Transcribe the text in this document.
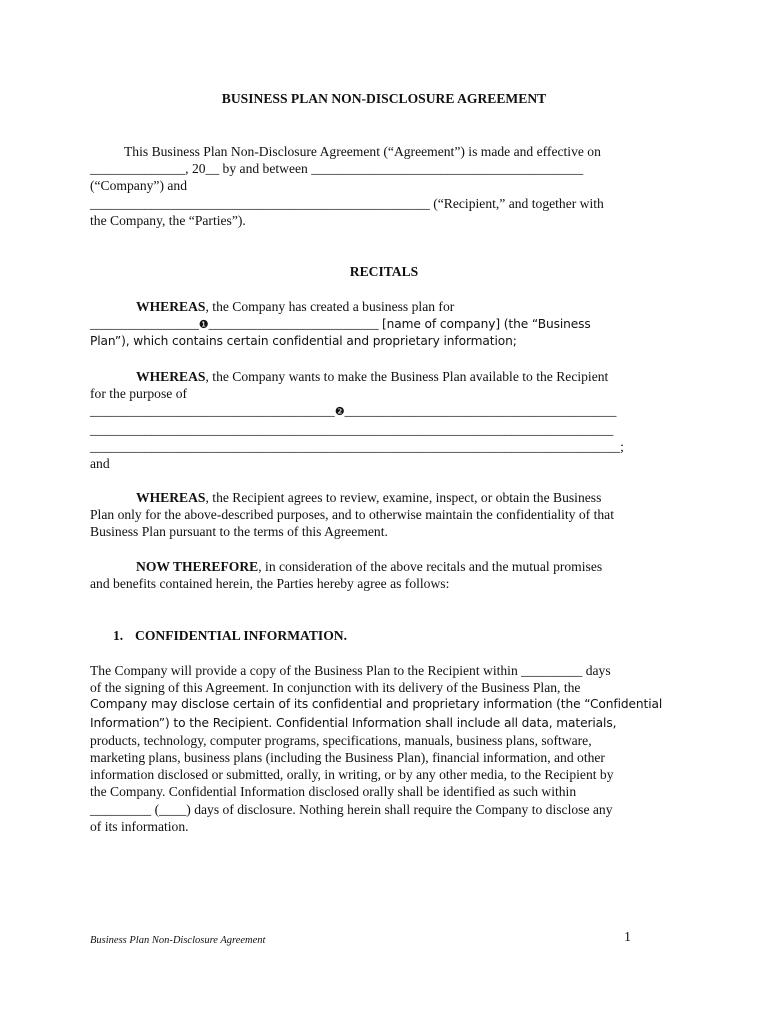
BUSINESS PLAN NON-DISCLOSURE AGREEMENT
This Business Plan Non-Disclosure Agreement (“Agreement”) is made and effective on
______________, 20__ by and between ________________________________________
(“Company”) and
__________________________________________________ (“Recipient,” and together with
the Company, the “Parties”).
RECITALS
WHEREAS, the Company has created a business plan for
________________❶_________________________ [name of company] (the “Business
Plan”), which contains certain confidential and proprietary information;
WHEREAS, the Company wants to make the Business Plan available to the Recipient
for the purpose of
____________________________________❷________________________________________
_____________________________________________________________________________
______________________________________________________________________________;
and
WHEREAS, the Recipient agrees to review, examine, inspect, or obtain the Business
Plan only for the above-described purposes, and to otherwise maintain the confidentiality of that
Business Plan pursuant to the terms of this Agreement.
NOW THEREFORE, in consideration of the above recitals and the mutual promises
and benefits contained herein, the Parties hereby agree as follows:
1. CONFIDENTIAL INFORMATION.
The Company will provide a copy of the Business Plan to the Recipient within _________ days
of the signing of this Agreement. In conjunction with its delivery of the Business Plan, the
Company may disclose certain of its confidential and proprietary information (the “Confidential
Information”) to the Recipient. Confidential Information shall include all data, materials,
products, technology, computer programs, specifications, manuals, business plans, software,
marketing plans, business plans (including the Business Plan), financial information, and other
information disclosed or submitted, orally, in writing, or by any other media, to the Recipient by
the Company. Confidential Information disclosed orally shall be identified as such within
_________ (____) days of disclosure. Nothing herein shall require the Company to disclose any
of its information.
Business Plan Non-Disclosure Agreement	1
